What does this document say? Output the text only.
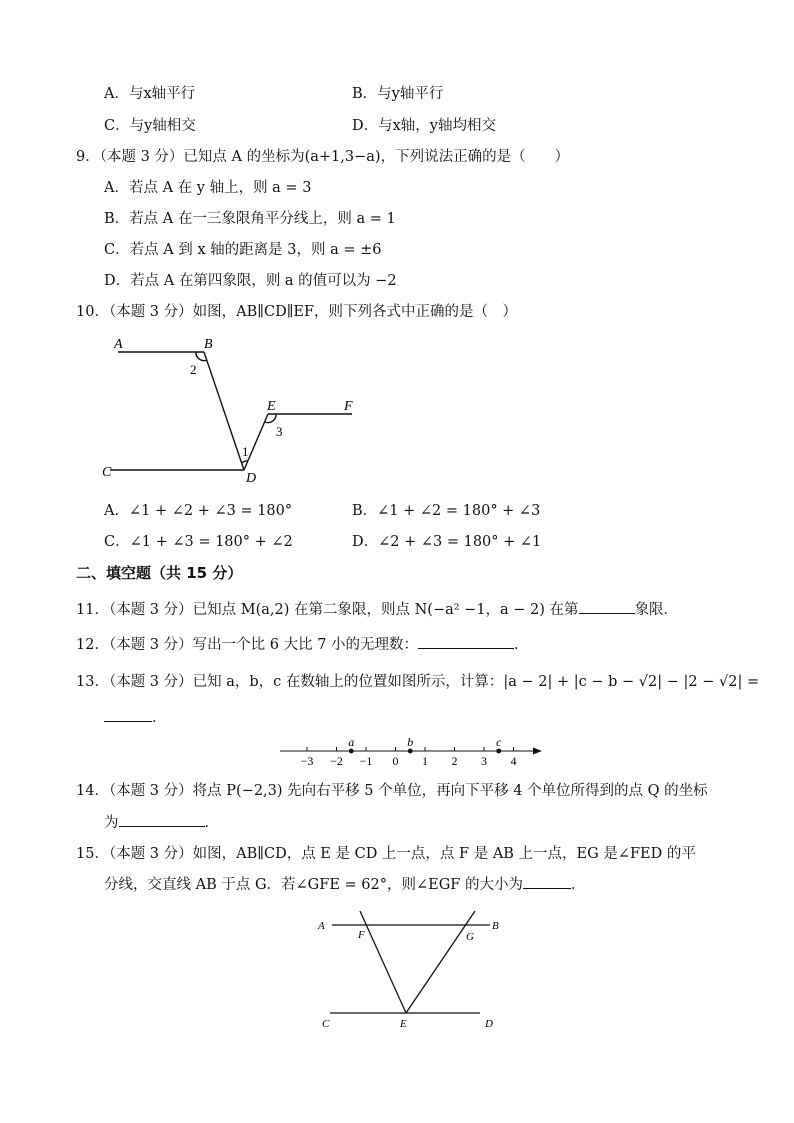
A．与x轴平行	B．与y轴平行
C．与y轴相交	D．与x轴，y轴均相交
9．（本题 3 分）已知点 A 的坐标为(a+1,3−a)，下列说法正确的是（　　）
A．若点 A 在 y 轴上，则 a = 3
B．若点 A 在一三象限角平分线上，则 a = 1
C．若点 A 到 x 轴的距离是 3，则 a = ±6
D．若点 A 在第四象限，则 a 的值可以为 −2
10．（本题 3 分）如图，AB∥CD∥EF，则下列各式中正确的是（　）
A	B
2
C	D
1
E	F
3
A．∠1 + ∠2 + ∠3 = 180°	B．∠1 + ∠2 = 180° + ∠3
C．∠1 + ∠3 = 180° + ∠2	D．∠2 + ∠3 = 180° + ∠1
二、填空题（共 15 分）
11．（本题 3 分）已知点 M(a,2) 在第二象限，则点 N(−a² −1，a − 2) 在第	象限．
12．（本题 3 分）写出一个比 6 大比 7 小的无理数：	．
13．（本题 3 分）已知 a，b，c 在数轴上的位置如图所示，计算：|a − 2| + |c − b − √2| − |2 − √2| =
．
−3 −2 −1 0 1 2 3 4
a	b	c
14．（本题 3 分）将点 P(−2,3) 先向右平移 5 个单位，再向下平移 4 个单位所得到的点 Q 的坐标
为	．
15．（本题 3 分）如图，AB∥CD，点 E 是 CD 上一点，点 F 是 AB 上一点，EG 是∠FED 的平
分线，交直线 AB 于点 G．若∠GFE = 62°，则∠EGF 的大小为	．
A	B
F	G
C	E	D
